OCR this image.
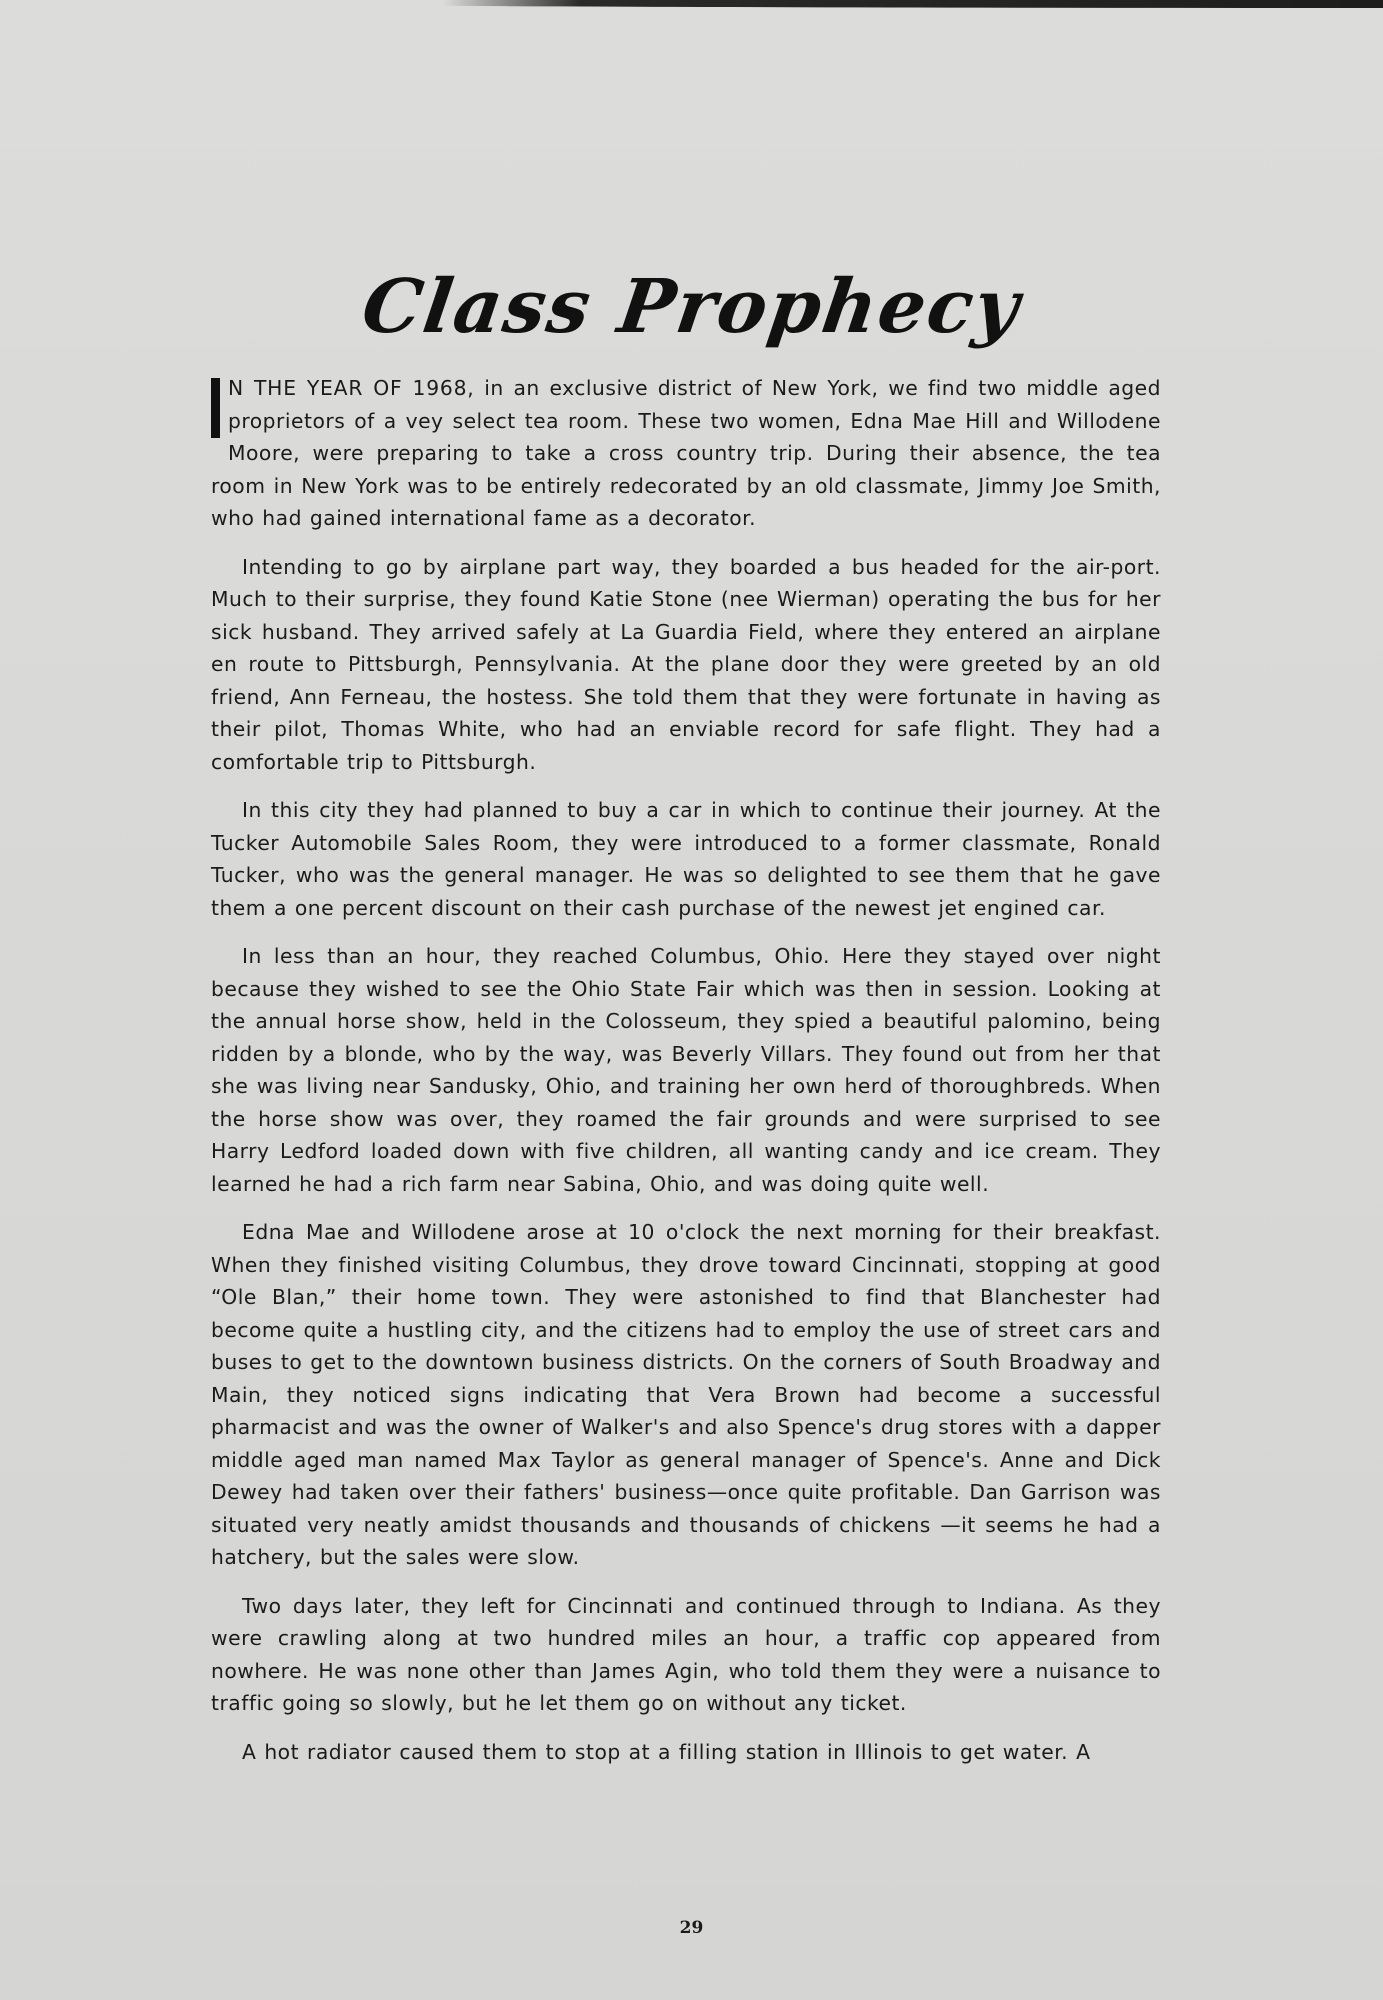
Class Prophecy

N THE YEAR OF 1968, in an exclusive district of New York, we find two middle aged proprietors of a vey select tea room. These two women, Edna Mae Hill and Willodene Moore, were preparing to take a cross country trip. During their absence, the tea room in New York was to be entirely redecorated by an old classmate, Jimmy Joe Smith, who had gained international fame as a decorator.

Intending to go by airplane part way, they boarded a bus headed for the air-port. Much to their surprise, they found Katie Stone (nee Wierman) operating the bus for her sick husband. They arrived safely at La Guardia Field, where they entered an airplane en route to Pittsburgh, Pennsylvania. At the plane door they were greeted by an old friend, Ann Ferneau, the hostess. She told them that they were fortunate in having as their pilot, Thomas White, who had an enviable record for safe flight. They had a comfortable trip to Pittsburgh.

In this city they had planned to buy a car in which to continue their journey. At the Tucker Automobile Sales Room, they were introduced to a former classmate, Ronald Tucker, who was the general manager. He was so delighted to see them that he gave them a one percent discount on their cash purchase of the newest jet engined car.

In less than an hour, they reached Columbus, Ohio. Here they stayed over night because they wished to see the Ohio State Fair which was then in session. Looking at the annual horse show, held in the Colosseum, they spied a beautiful palomino, being ridden by a blonde, who by the way, was Beverly Villars. They found out from her that she was living near Sandusky, Ohio, and training her own herd of thoroughbreds. When the horse show was over, they roamed the fair grounds and were surprised to see Harry Ledford loaded down with five children, all wanting candy and ice cream. They learned he had a rich farm near Sabina, Ohio, and was doing quite well.

Edna Mae and Willodene arose at 10 o'clock the next morning for their breakfast. When they finished visiting Columbus, they drove toward Cincinnati, stopping at good “Ole Blan,” their home town. They were astonished to find that Blanchester had become quite a hustling city, and the citizens had to employ the use of street cars and buses to get to the downtown business districts. On the corners of South Broadway and Main, they noticed signs indicating that Vera Brown had become a successful pharmacist and was the owner of Walker's and also Spence's drug stores with a dapper middle aged man named Max Taylor as general manager of Spence's. Anne and Dick Dewey had taken over their fathers' business—once quite profitable. Dan Garrison was situated very neatly amidst thousands and thousands of chickens —it seems he had a hatchery, but the sales were slow.

Two days later, they left for Cincinnati and continued through to Indiana. As they were crawling along at two hundred miles an hour, a traffic cop appeared from nowhere. He was none other than James Agin, who told them they were a nuisance to traffic going so slowly, but he let them go on without any ticket.

A hot radiator caused them to stop at a filling station in Illinois to get water. A

29
